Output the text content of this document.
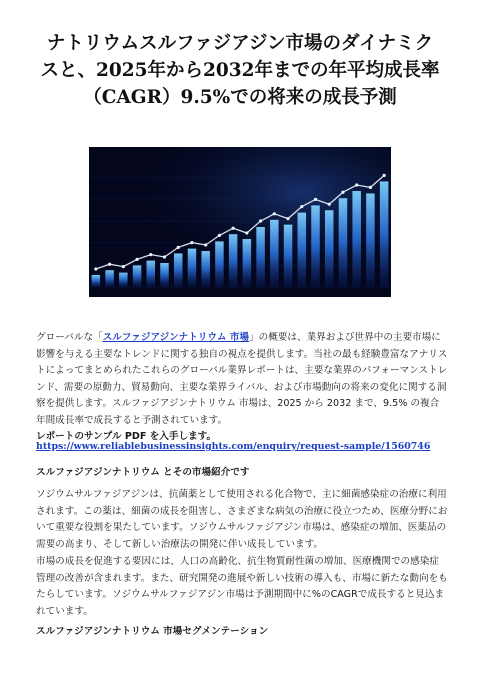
ナトリウムスルファジアジン市場のダイナミク
スと、2025年から2032年までの年平均成長率
（CAGR）9.5%での将来の成長予測

グローバルな「スルファジアジンナトリウム 市場」の概要は、業界および世界中の主要市場に影響を与える主要なトレンドに関する独自の視点を提供します。当社の最も経験豊富なアナリストによってまとめられたこれらのグローバル業界レポートは、主要な業界のパフォーマンストレンド、需要の原動力、貿易動向、主要な業界ライバル、および市場動向の将来の変化に関する洞察を提供します。スルファジアジンナトリウム 市場は、2025 から 2032 まで、9.5% の複合年間成長率で成長すると予測されています。

レポートのサンプル PDF を入手します。

https://www.reliablebusinessinsights.com/enquiry/request-sample/1560746

スルファジアジンナトリウム とその市場紹介です

ソジウムサルファジアジンは、抗菌薬として使用される化合物で、主に細菌感染症の治療に利用されます。この薬は、細菌の成長を阻害し、さまざまな病気の治療に役立つため、医療分野において重要な役割を果たしています。ソジウムサルファジアジン市場は、感染症の増加、医薬品の需要の高まり、そして新しい治療法の開発に伴い成長しています。

市場の成長を促進する要因には、人口の高齢化、抗生物質耐性菌の増加、医療機関での感染症管理の改善が含まれます。また、研究開発の進展や新しい技術の導入も、市場に新たな動向をもたらしています。ソジウムサルファジアジン市場は予測期間中に%のCAGRで成長すると見込まれています。

スルファジアジンナトリウム 市場セグメンテーション
